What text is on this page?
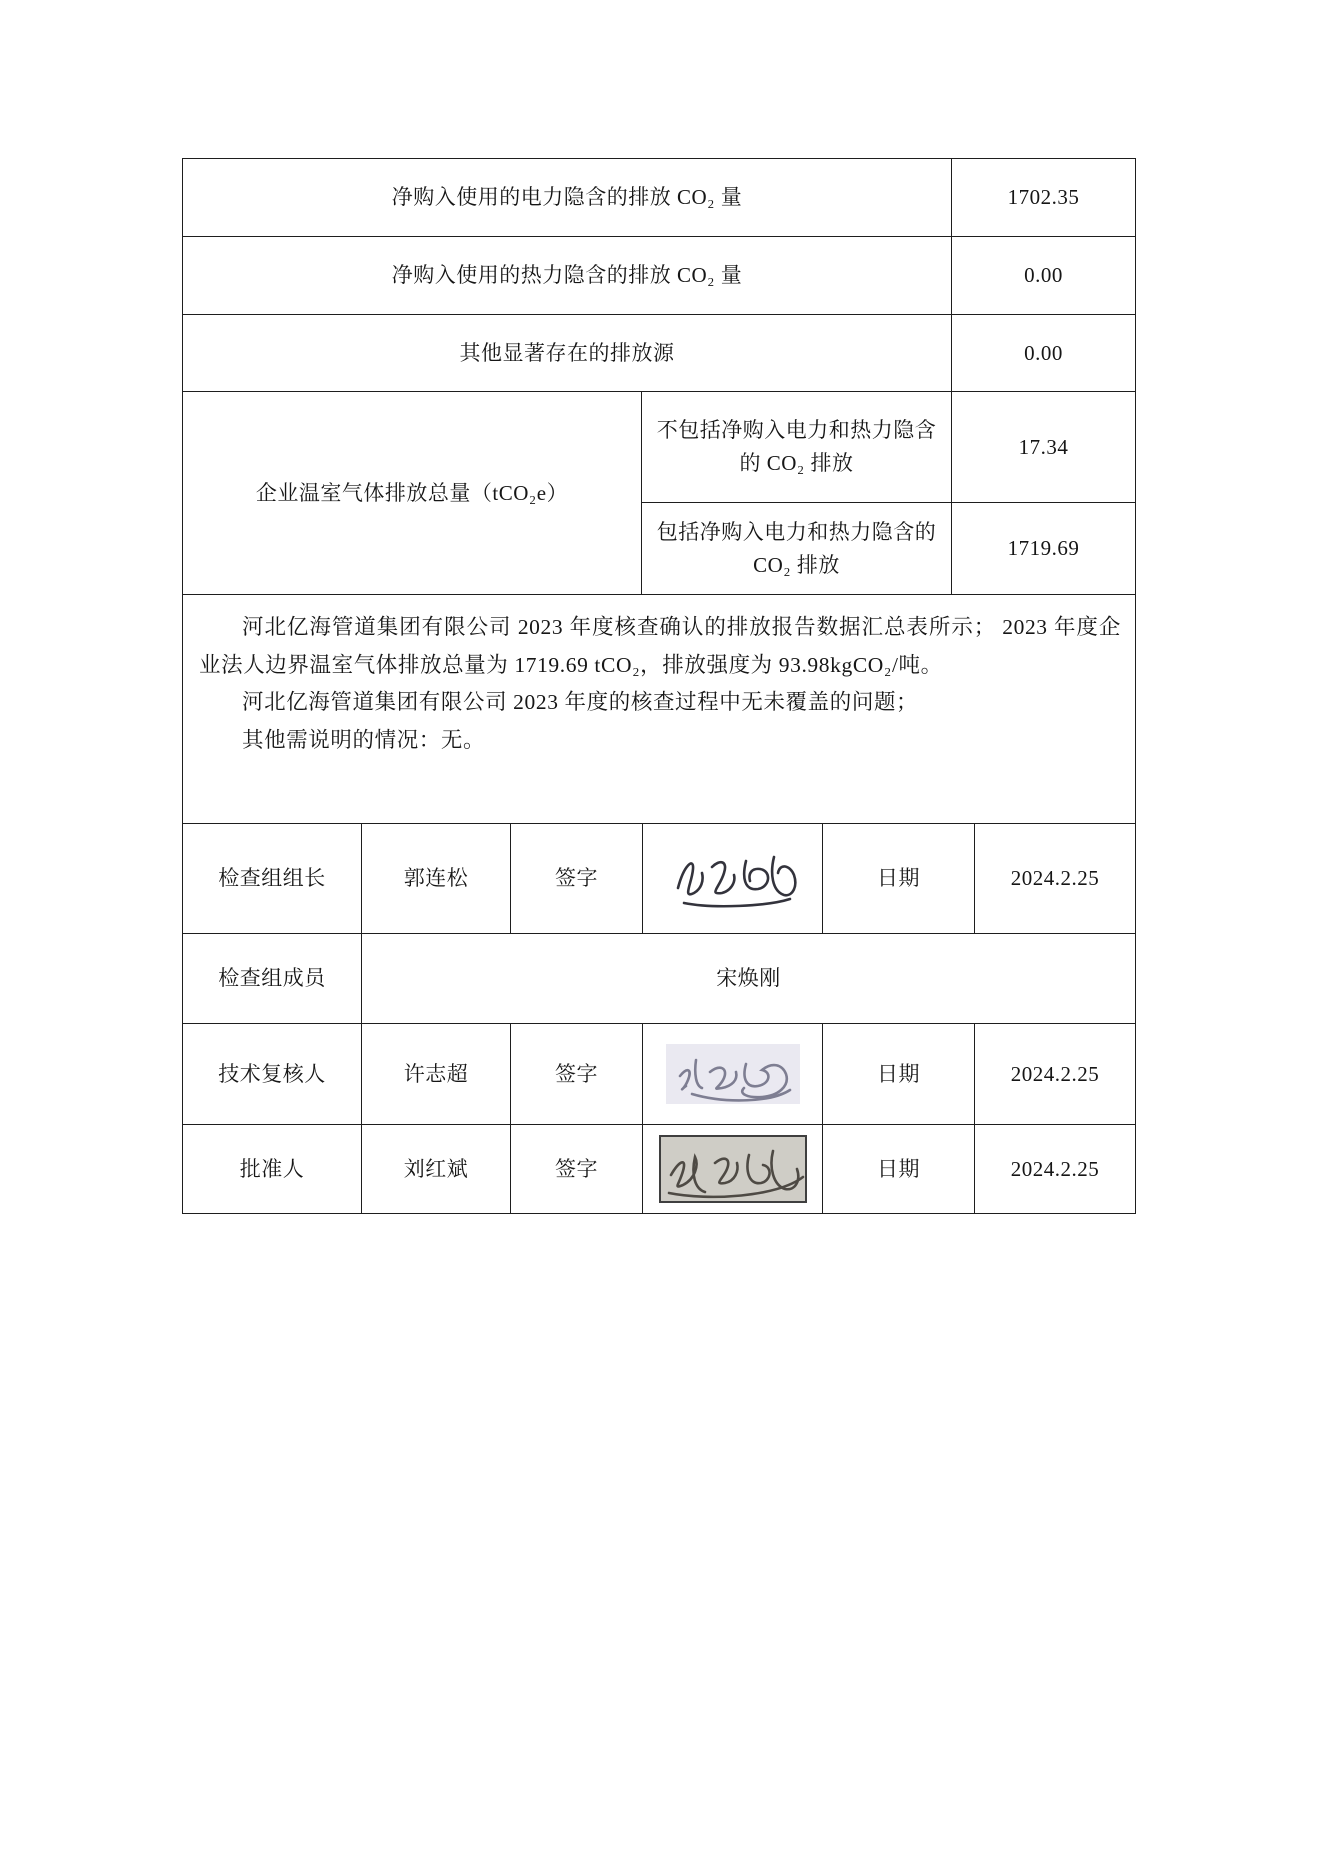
净购入使用的电力隐含的排放 CO₂ 量		1702.35
净购入使用的热力隐含的排放 CO₂ 量		0.00
其他显著存在的排放源		0.00
企业温室气体排放总量（tCO₂e）	不包括净购入电力和热力隐含的 CO₂ 排放	17.34
	包括净购入电力和热力隐含的 CO₂ 排放	1719.69

河北亿海管道集团有限公司 2023 年度核查确认的排放报告数据汇总表所示； 2023 年度企业法人边界温室气体排放总量为 1719.69 tCO₂，排放强度为 93.98kgCO₂/吨。

河北亿海管道集团有限公司 2023 年度的核查过程中无未覆盖的问题；

其他需说明的情况：无。		

检查组组长	郭连松	签字		日期	2024.2.25
检查组成员	宋焕刚				
技术复核人	许志超	签字		日期	2024.2.25
批准人	刘红斌	签字		日期	2024.2.25
